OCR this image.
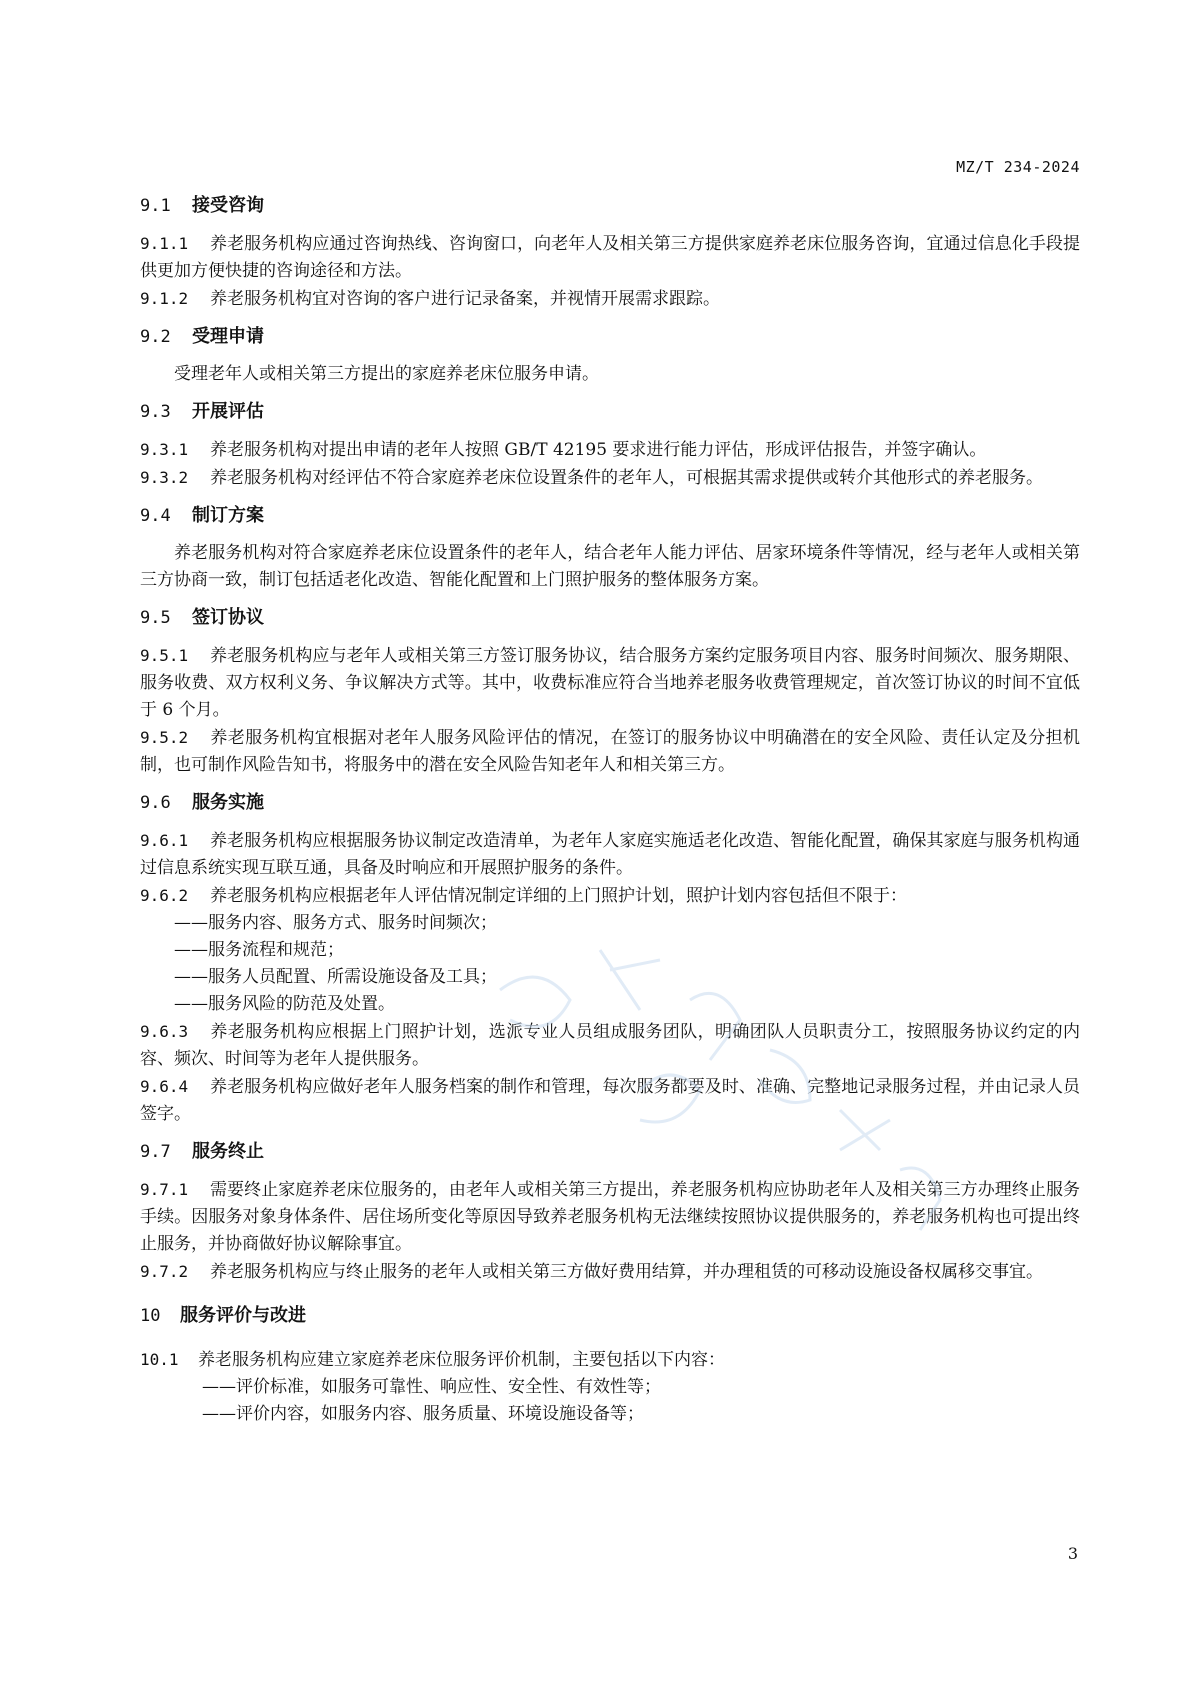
MZ/T 234-2024
9.1 接受咨询

9.1.1 养老服务机构应通过咨询热线、咨询窗口，向老年人及相关第三方提供家庭养老床位服务咨询，宜通过信息化手段提供更加方便快捷的咨询途径和方法。

9.1.2 养老服务机构宜对咨询的客户进行记录备案，并视情开展需求跟踪。

9.2 受理申请

受理老年人或相关第三方提出的家庭养老床位服务申请。

9.3 开展评估

9.3.1 养老服务机构对提出申请的老年人按照 GB/T 42195 要求进行能力评估，形成评估报告，并签字确认。

9.3.2 养老服务机构对经评估不符合家庭养老床位设置条件的老年人，可根据其需求提供或转介其他形式的养老服务。

9.4 制订方案

养老服务机构对符合家庭养老床位设置条件的老年人，结合老年人能力评估、居家环境条件等情况，经与老年人或相关第三方协商一致，制订包括适老化改造、智能化配置和上门照护服务的整体服务方案。

9.5 签订协议

9.5.1 养老服务机构应与老年人或相关第三方签订服务协议，结合服务方案约定服务项目内容、服务时间频次、服务期限、服务收费、双方权利义务、争议解决方式等。其中，收费标准应符合当地养老服务收费管理规定，首次签订协议的时间不宜低于 6 个月。

9.5.2 养老服务机构宜根据对老年人服务风险评估的情况，在签订的服务协议中明确潜在的安全风险、责任认定及分担机制，也可制作风险告知书，将服务中的潜在安全风险告知老年人和相关第三方。

9.6 服务实施

9.6.1 养老服务机构应根据服务协议制定改造清单，为老年人家庭实施适老化改造、智能化配置，确保其家庭与服务机构通过信息系统实现互联互通，具备及时响应和开展照护服务的条件。

9.6.2 养老服务机构应根据老年人评估情况制定详细的上门照护计划，照护计划内容包括但不限于：

——服务内容、服务方式、服务时间频次；

——服务流程和规范；

——服务人员配置、所需设施设备及工具；

——服务风险的防范及处置。

9.6.3 养老服务机构应根据上门照护计划，选派专业人员组成服务团队，明确团队人员职责分工，按照服务协议约定的内容、频次、时间等为老年人提供服务。

9.6.4 养老服务机构应做好老年人服务档案的制作和管理，每次服务都要及时、准确、完整地记录服务过程，并由记录人员签字。

9.7 服务终止

9.7.1 需要终止家庭养老床位服务的，由老年人或相关第三方提出，养老服务机构应协助老年人及相关第三方办理终止服务手续。因服务对象身体条件、居住场所变化等原因导致养老服务机构无法继续按照协议提供服务的，养老服务机构也可提出终止服务，并协商做好协议解除事宜。

9.7.2 养老服务机构应与终止服务的老年人或相关第三方做好费用结算，并办理租赁的可移动设施设备权属移交事宜。

10 服务评价与改进

10.1 养老服务机构应建立家庭养老床位服务评价机制，主要包括以下内容：

——评价标准，如服务可靠性、响应性、安全性、有效性等；

——评价内容，如服务内容、服务质量、环境设施设备等；

3
